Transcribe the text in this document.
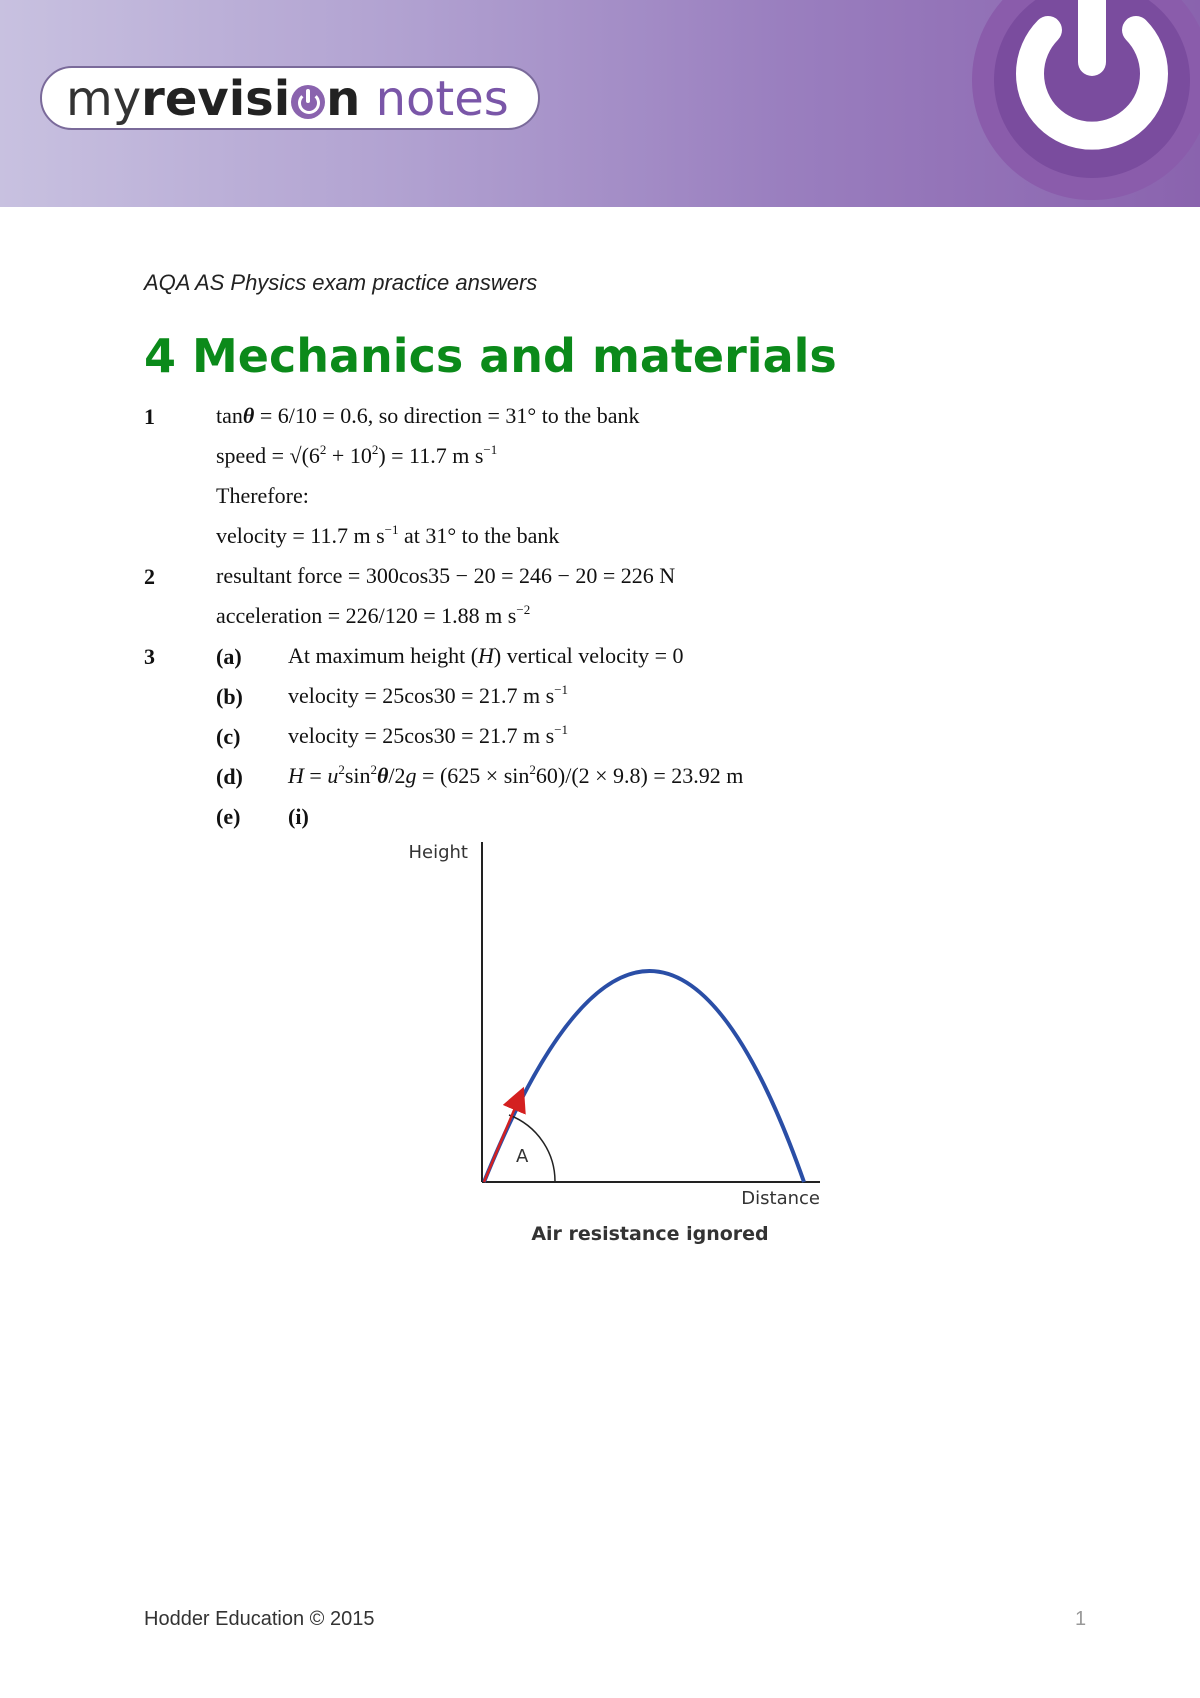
myrevisi n notes
AQA AS Physics exam practice answers
4 Mechanics and materials
1	tanθ = 6/10 = 0.6, so direction = 31° to the bank
speed = $√(6^2 + 10^2) = 11.7$ m $s^{-1}$
Therefore:
velocity = 11.7 m $s^{-1}$ at 31° to the bank
2	resultant force = 300cos35 − 20 = 246 − 20 = 226 N
acceleration = 226/120 = 1.88 m $s^{-2}$
3	(a) At maximum height (H) vertical velocity = 0
(b) velocity = 25cos30 = 21.7 m $s^{-1}$
(c) velocity = 25cos30 = 21.7 m $s^{-1}$
(d) $H = u^2\sin^2\theta/2g = (625 \times \sin^260)/(2 \times 9.8) = 23.92$ m
(e) (i)
Height
Distance
A
Air resistance ignored
Hodder Education © 2015	1
